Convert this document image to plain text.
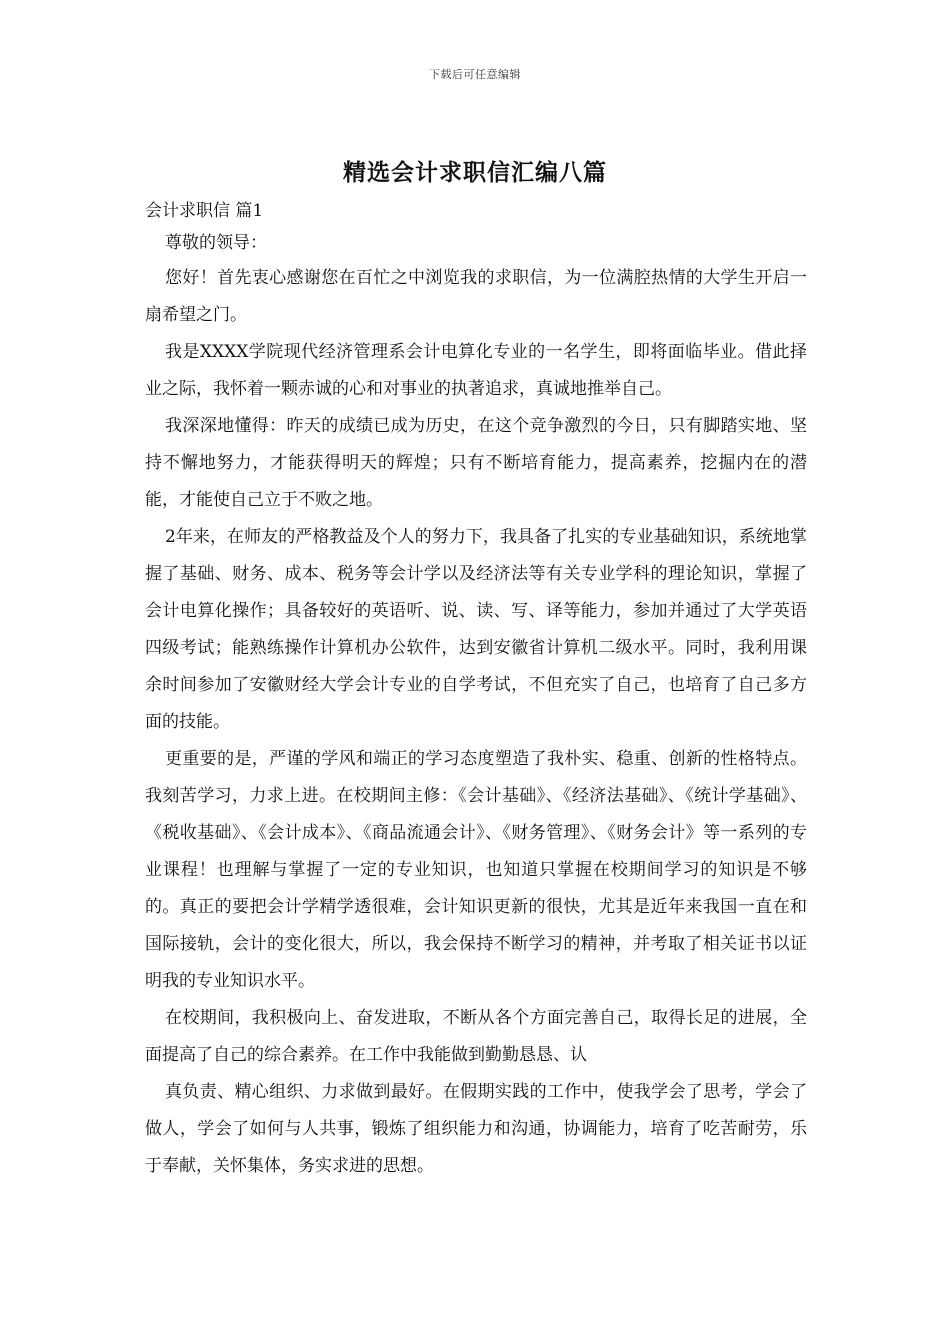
下载后可任意编辑
精选会计求职信汇编八篇
会计求职信 篇1

尊敬的领导：

您好！首先衷心感谢您在百忙之中浏览我的求职信，为一位满腔热情的大学生开启一扇希望之门。

我是XXXX学院现代经济管理系会计电算化专业的一名学生，即将面临毕业。借此择业之际，我怀着一颗赤诚的心和对事业的执著追求，真诚地推举自己。

我深深地懂得：昨天的成绩已成为历史，在这个竞争激烈的今日，只有脚踏实地、坚持不懈地努力，才能获得明天的辉煌；只有不断培育能力，提高素养，挖掘内在的潜能，才能使自己立于不败之地。

2年来，在师友的严格教益及个人的努力下，我具备了扎实的专业基础知识，系统地掌握了基础、财务、成本、税务等会计学以及经济法等有关专业学科的理论知识，掌握了会计电算化操作；具备较好的英语听、说、读、写、译等能力，参加并通过了大学英语四级考试；能熟练操作计算机办公软件，达到安徽省计算机二级水平。同时，我利用课余时间参加了安徽财经大学会计专业的自学考试，不但充实了自己，也培育了自己多方面的技能。

更重要的是，严谨的学风和端正的学习态度塑造了我朴实、稳重、创新的性格特点。我刻苦学习，力求上进。在校期间主修：《会计基础》、《经济法基础》、《统计学基础》、《税收基础》、《会计成本》、《商品流通会计》、《财务管理》、《财务会计》等一系列的专业课程！也理解与掌握了一定的专业知识，也知道只掌握在校期间学习的知识是不够的。真正的要把会计学精学透很难，会计知识更新的很快，尤其是近年来我国一直在和国际接轨，会计的变化很大，所以，我会保持不断学习的精神，并考取了相关证书以证明我的专业知识水平。

在校期间，我积极向上、奋发进取，不断从各个方面完善自己，取得长足的进展，全面提高了自己的综合素养。在工作中我能做到勤勤恳恳、认

真负责、精心组织、力求做到最好。在假期实践的工作中，使我学会了思考，学会了做人，学会了如何与人共事，锻炼了组织能力和沟通，协调能力，培育了吃苦耐劳，乐于奉献，关怀集体，务实求进的思想。
